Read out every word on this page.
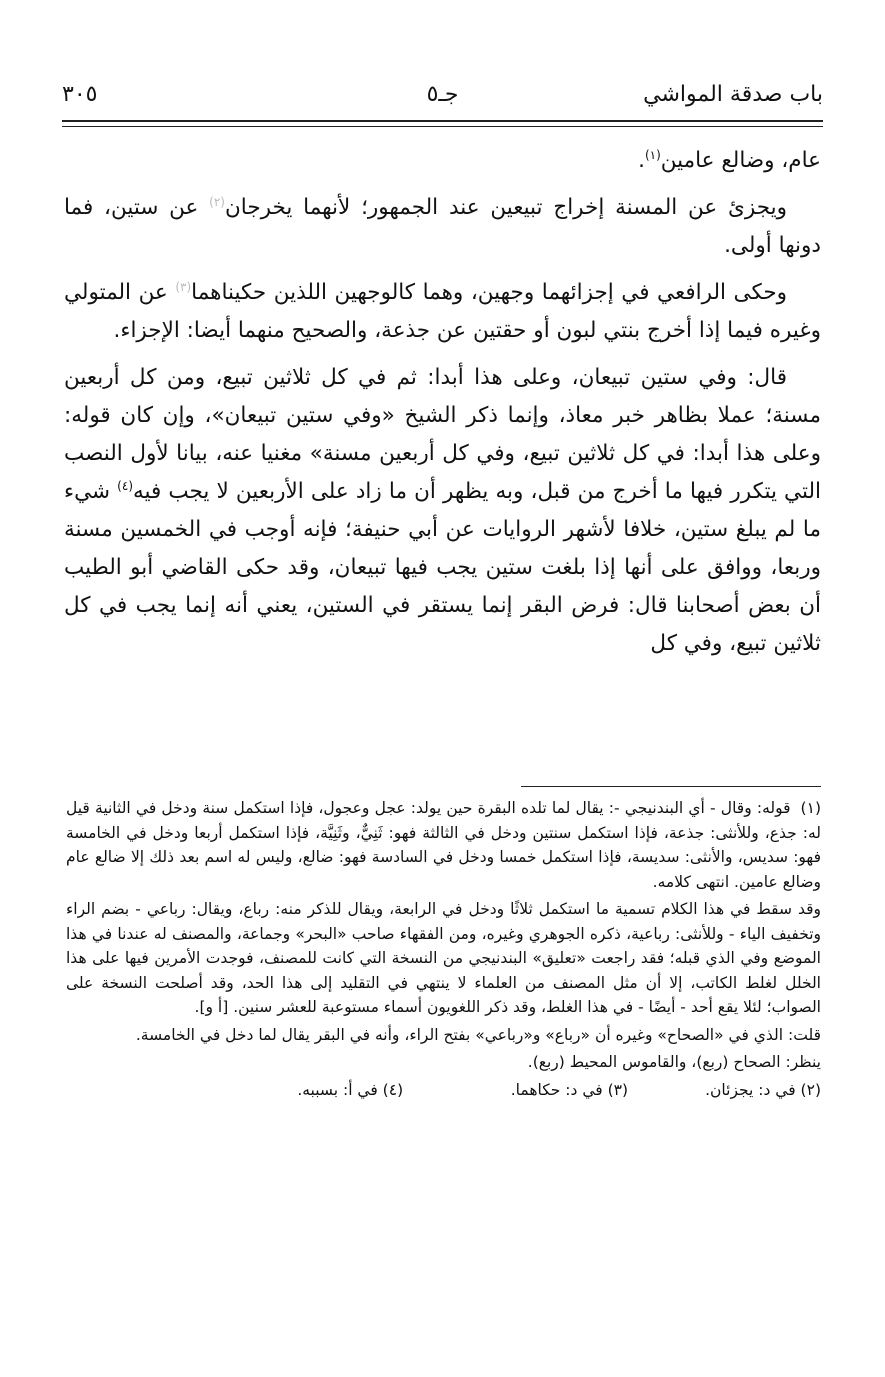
باب صدقة المواشي
جـ٥
٣٠٥

عام، وضالع عامين$^{(١)}$.

ويجزئ عن المسنة إخراج تبيعين عند الجمهور؛ لأنهما يخرجان$^{(٢)}$ عن ستين، فما دونها أولى.

وحكى الرافعي في إجزائهما وجهين، وهما كالوجهين اللذين حكيناهما$^{(٣)}$ عن المتولي وغيره فيما إذا أخرج بنتي لبون أو حقتين عن جذعة، والصحيح منهما أيضا: الإجزاء.

قال: وفي ستين تبيعان، وعلى هذا أبدا: ثم في كل ثلاثين تبيع، ومن كل أربعين مسنة؛ عملا بظاهر خبر معاذ، وإنما ذكر الشيخ «وفي ستين تبيعان»، وإن كان قوله: وعلى هذا أبدا: في كل ثلاثين تبيع، وفي كل أربعين مسنة» مغنيا عنه، بيانا لأول النصب التي يتكرر فيها ما أخرج من قبل، وبه يظهر أن ما زاد على الأربعين لا يجب فيه$^{(٤)}$ شيء ما لم يبلغ ستين، خلافا لأشهر الروايات عن أبي حنيفة؛ فإنه أوجب في الخمسين مسنة وربعا، ووافق على أنها إذا بلغت ستين يجب فيها تبيعان، وقد حكى القاضي أبو الطيب أن بعض أصحابنا قال: فرض البقر إنما يستقر في الستين، يعني أنه إنما يجب في كل ثلاثين تبيع، وفي كل

(١)قوله: وقال - أي البندنيجي -: يقال لما تلده البقرة حين يولد: عجل وعجول، فإذا استكمل سنة ودخل في الثانية قيل له: جذع، وللأنثى: جذعة، فإذا استكمل سنتين ودخل في الثالثة فهو: ثَنِيٌّ، وثَنِيَّة، فإذا استكمل أربعا ودخل في الخامسة فهو: سديس، والأنثى: سديسة، فإذا استكمل خمسا ودخل في السادسة فهو: ضالع، وليس له اسم بعد ذلك إلا ضالع عام وضالع عامين. انتهى كلامه.

وقد سقط في هذا الكلام تسمية ما استكمل ثلاثًا ودخل في الرابعة، ويقال للذكر منه: رباع، ويقال: رباعي - بضم الراء وتخفيف الياء - وللأنثى: رباعية، ذكره الجوهري وغيره، ومن الفقهاء صاحب «البحر» وجماعة، والمصنف له عندنا في هذا الموضع وفي الذي قبله؛ فقد راجعت «تعليق» البندنيجي من النسخة التي كانت للمصنف، فوجدت الأمرين فيها على هذا الخلل لغلط الكاتب، إلا أن مثل المصنف من العلماء لا ينتهي في التقليد إلى هذا الحد، وقد أصلحت النسخة على الصواب؛ لئلا يقع أحد - أيضًا - في هذا الغلط، وقد ذكر اللغويون أسماء مستوعبة للعشر سنين. [أ و].

قلت: الذي في «الصحاح» وغيره أن «رباع» و«رباعي» بفتح الراء، وأنه في البقر يقال لما دخل في الخامسة.

ينظر: الصحاح (ربع)، والقاموس المحيط (ربع).

(٢) في د: يجزئان. (٣) في د: حكاهما. (٤) في أ: بسببه.
